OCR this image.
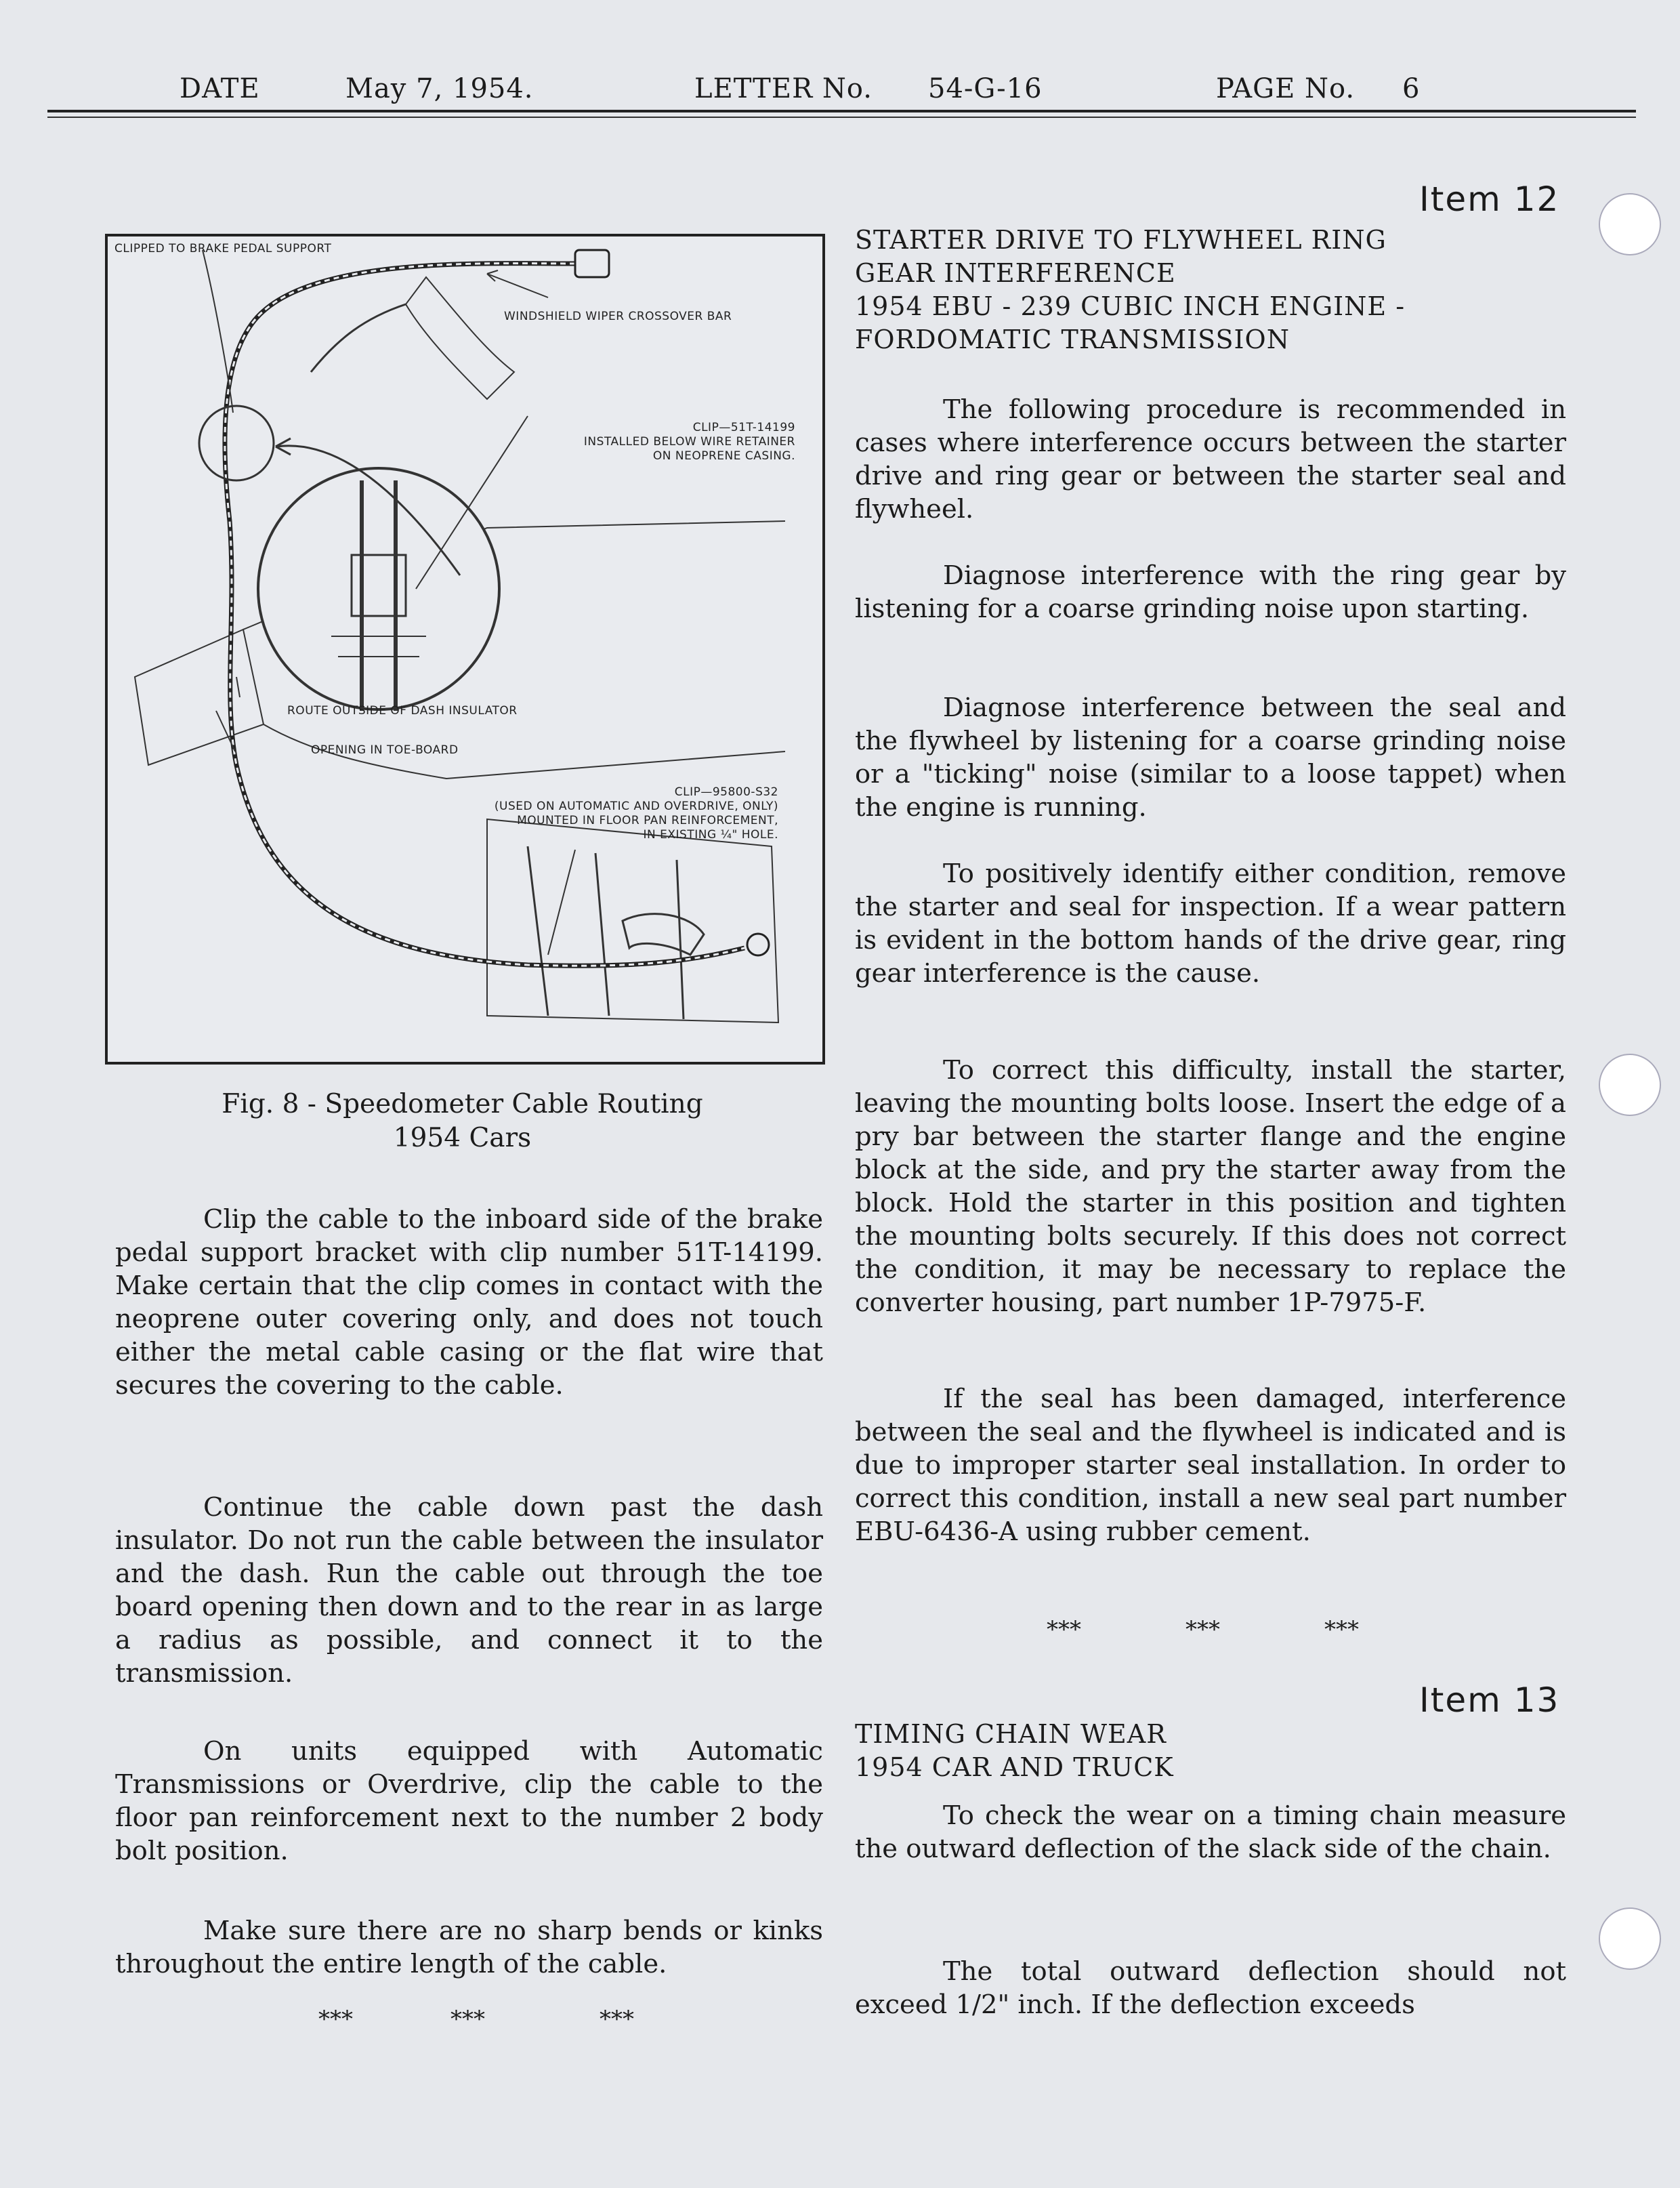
DATE	May 7, 1954.	LETTER No. 54-G-16	PAGE No. 6
CLIPPED TO BRAKE PEDAL SUPPORT
WINDSHIELD WIPER CROSSOVER BAR
CLIP—51T-14199
INSTALLED BELOW WIRE RETAINER
ON NEOPRENE CASING.
ROUTE OUTSIDE OF DASH INSULATOR
OPENING IN TOE-BOARD
CLIP—95800-S32
(USED ON AUTOMATIC AND OVERDRIVE, ONLY)
MOUNTED IN FLOOR PAN REINFORCEMENT,
IN EXISTING ¼" HOLE.
Fig. 8 - Speedometer Cable Routing
1954 Cars

Clip the cable to the inboard side of the brake pedal support bracket with clip number 51T-14199. Make certain that the clip comes in contact with the neoprene outer covering only, and does not touch either the metal cable casing or the flat wire that secures the covering to the cable.

Continue the cable down past the dash insulator. Do not run the cable between the insulator and the dash. Run the cable out through the toe board opening then down and to the rear in as large a radius as possible, and connect it to the transmission.

On units equipped with Automatic Transmissions or Overdrive, clip the cable to the floor pan reinforcement next to the number 2 body bolt position.

Make sure there are no sharp bends or kinks throughout the entire length of the cable.

***	***	***
Item 12
STARTER DRIVE TO FLYWHEEL RING
GEAR INTERFERENCE
1954 EBU - 239 CUBIC INCH ENGINE -
FORDOMATIC TRANSMISSION

The following procedure is recommended in cases where interference occurs between the starter drive and ring gear or between the starter seal and flywheel.

Diagnose interference with the ring gear by listening for a coarse grinding noise upon starting.

Diagnose interference between the seal and the flywheel by listening for a coarse grinding noise or a "ticking" noise (similar to a loose tappet) when the engine is running.

To positively identify either condition, remove the starter and seal for inspection. If a wear pattern is evident in the bottom hands of the drive gear, ring gear interference is the cause.

To correct this difficulty, install the starter, leaving the mounting bolts loose. Insert the edge of a pry bar between the starter flange and the engine block at the side, and pry the starter away from the block. Hold the starter in this position and tighten the mounting bolts securely. If this does not correct the condition, it may be necessary to replace the converter housing, part number 1P-7975-F.

If the seal has been damaged, interference between the seal and the flywheel is indicated and is due to improper starter seal installation. In order to correct this condition, install a new seal part number EBU-6436-A using rubber cement.

***	***	***
Item 13
TIMING CHAIN WEAR
1954 CAR AND TRUCK

To check the wear on a timing chain measure the outward deflection of the slack side of the chain.

The total outward deflection should not exceed 1/2" inch. If the deflection exceeds
